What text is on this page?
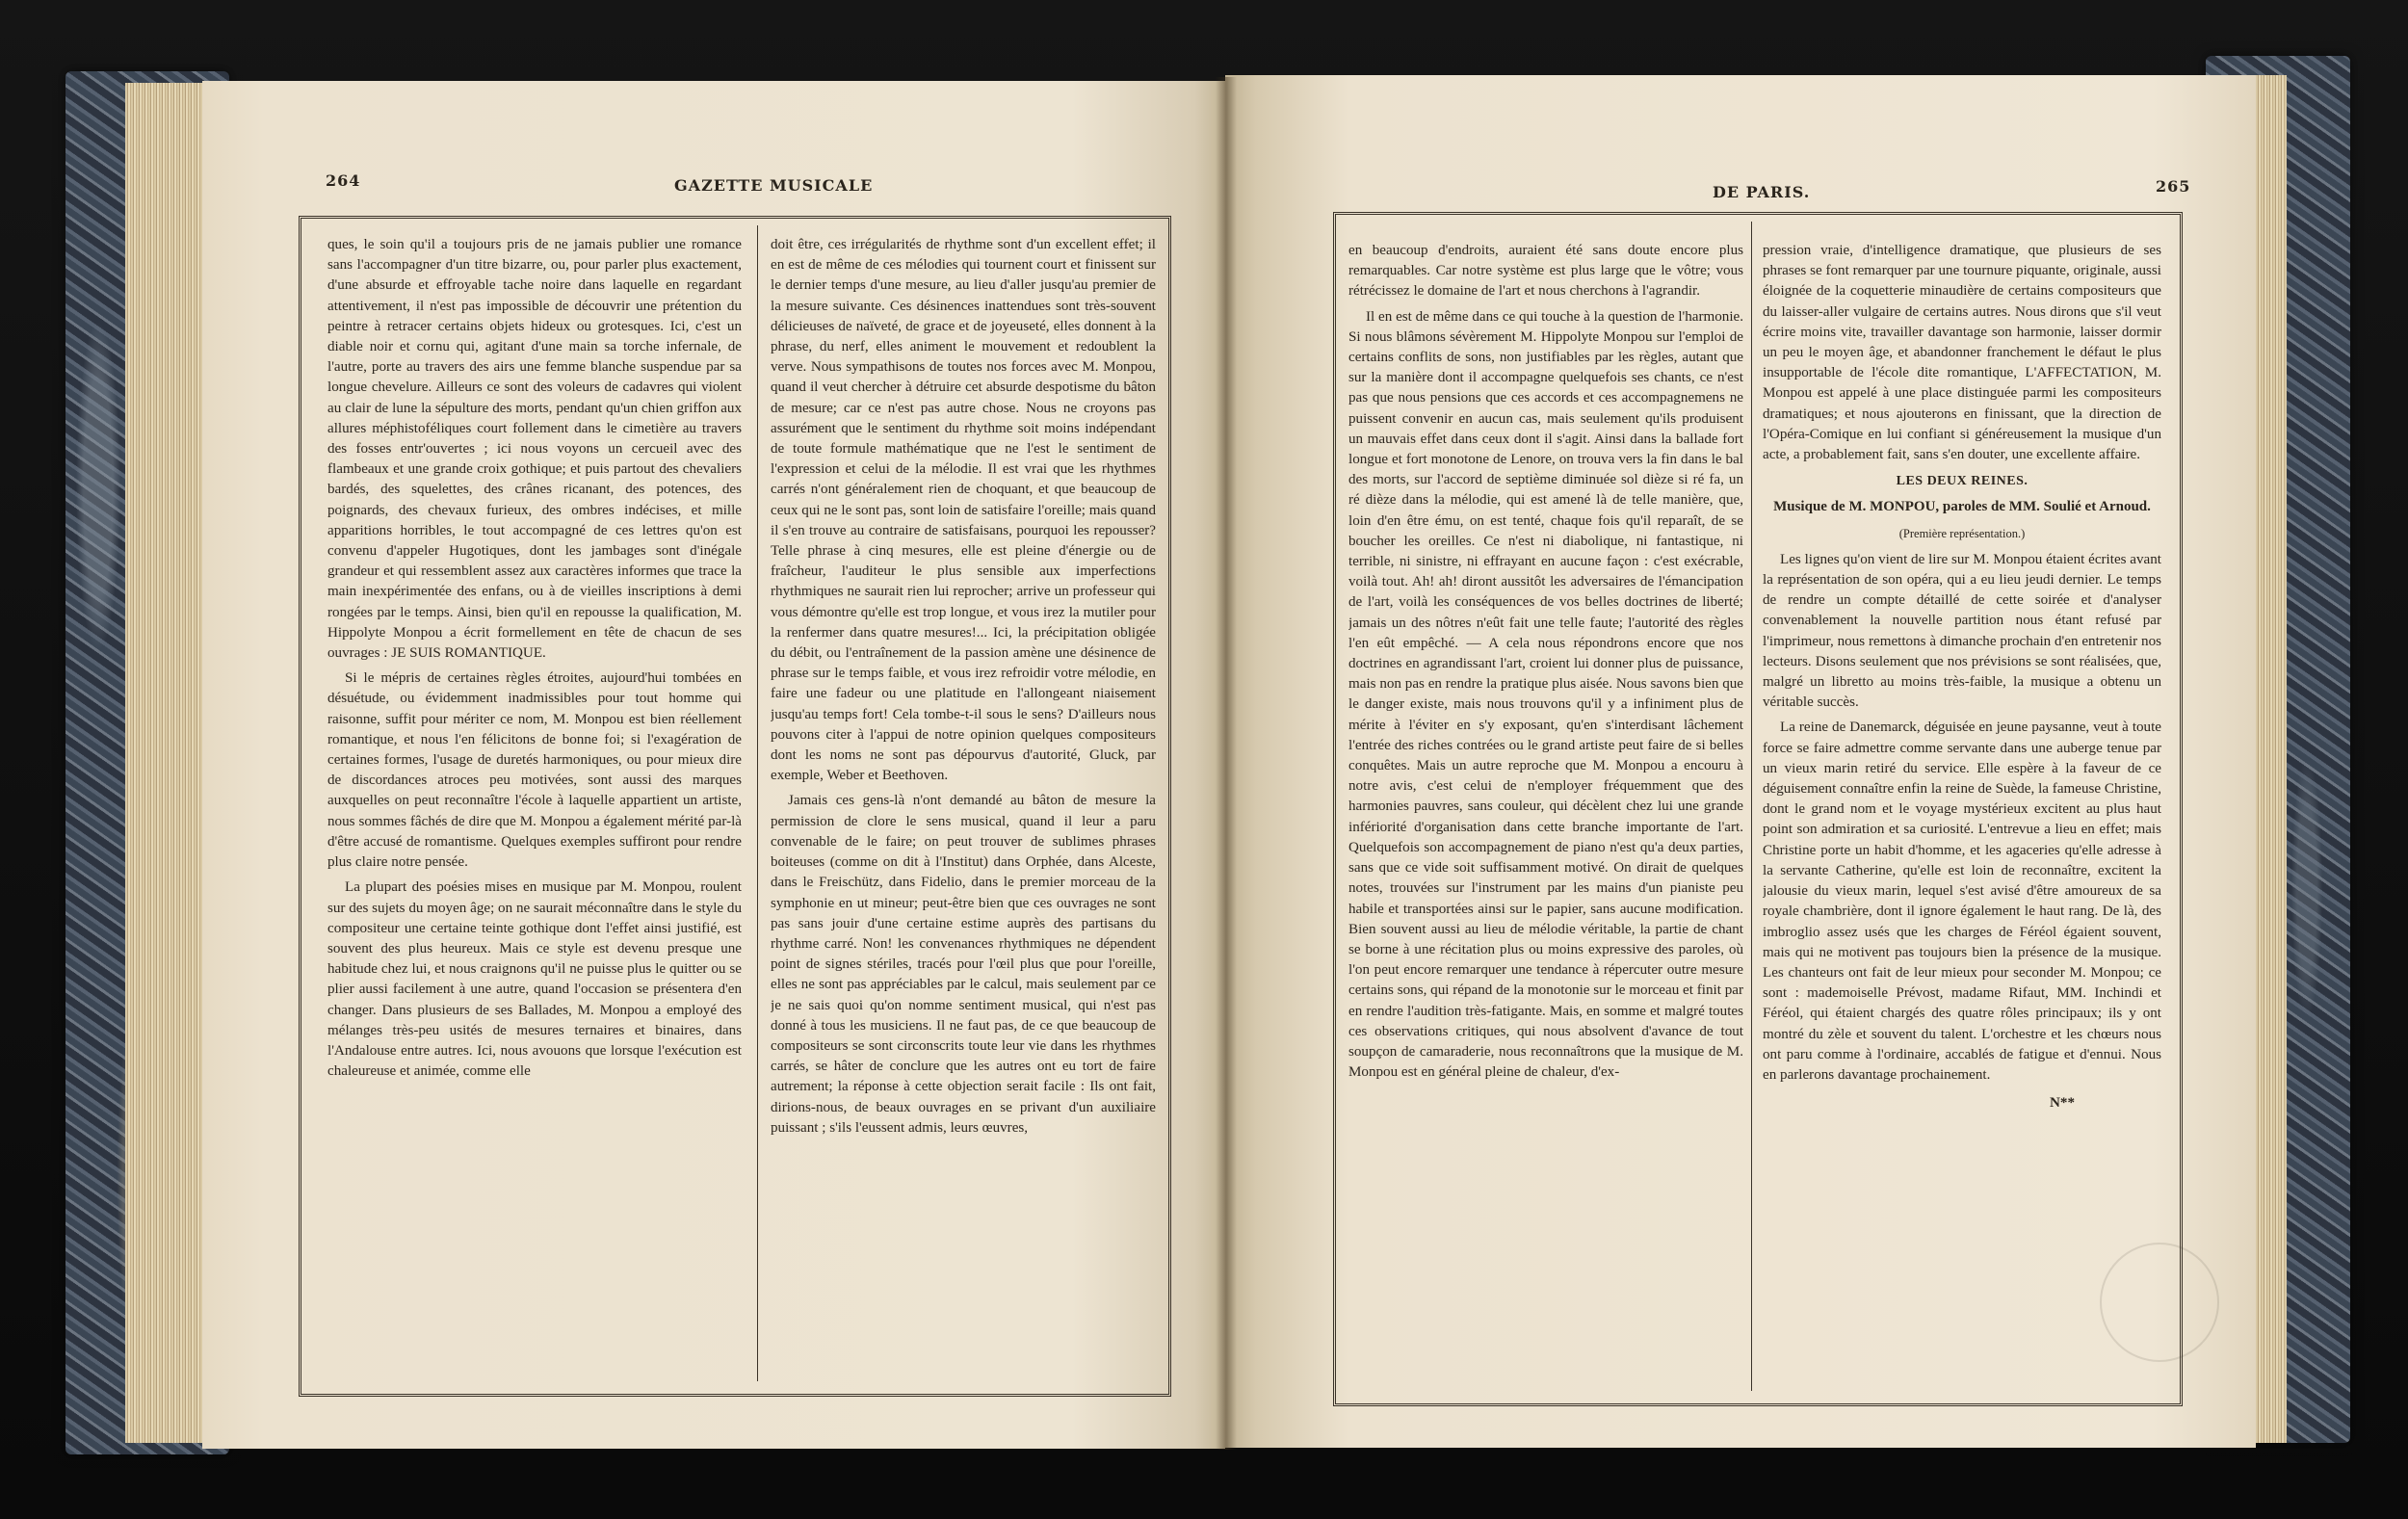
264	GAZETTE MUSICALE

ques, le soin qu'il a toujours pris de ne jamais publier une romance sans l'accompagner d'un titre bizarre, ou, pour parler plus exactement, d'une absurde et effroyable tache noire dans laquelle en regardant attentivement, il n'est pas impossible de découvrir une prétention du peintre à retracer certains objets hideux ou grotesques. Ici, c'est un diable noir et cornu qui, agitant d'une main sa torche infernale, de l'autre, porte au travers des airs une femme blanche suspendue par sa longue chevelure. Ailleurs ce sont des voleurs de cadavres qui violent au clair de lune la sépulture des morts, pendant qu'un chien griffon aux allures méphistoféliques court follement dans le cimetière au travers des fosses entr'ouvertes ; ici nous voyons un cercueil avec des flambeaux et une grande croix gothique; et puis partout des chevaliers bardés, des squelettes, des crânes ricanant, des potences, des poignards, des chevaux furieux, des ombres indécises, et mille apparitions horribles, le tout accompagné de ces lettres qu'on est convenu d'appeler Hugotiques, dont les jambages sont d'inégale grandeur et qui ressemblent assez aux caractères informes que trace la main inexpérimentée des enfans, ou à de vieilles inscriptions à demi rongées par le temps. Ainsi, bien qu'il en repousse la qualification, M. Hippolyte Monpou a écrit formellement en tête de chacun de ses ouvrages : JE SUIS ROMANTIQUE.

Si le mépris de certaines règles étroites, aujourd'hui tombées en désuétude, ou évidemment inadmissibles pour tout homme qui raisonne, suffit pour mériter ce nom, M. Monpou est bien réellement romantique, et nous l'en félicitons de bonne foi; si l'exagération de certaines formes, l'usage de duretés harmoniques, ou pour mieux dire de discordances atroces peu motivées, sont aussi des marques auxquelles on peut reconnaître l'école à laquelle appartient un artiste, nous sommes fâchés de dire que M. Monpou a également mérité par-là d'être accusé de romantisme. Quelques exemples suffiront pour rendre plus claire notre pensée.

La plupart des poésies mises en musique par M. Monpou, roulent sur des sujets du moyen âge; on ne saurait méconnaître dans le style du compositeur une certaine teinte gothique dont l'effet ainsi justifié, est souvent des plus heureux. Mais ce style est devenu presque une habitude chez lui, et nous craignons qu'il ne puisse plus le quitter ou se plier aussi facilement à une autre, quand l'occasion se présentera d'en changer. Dans plusieurs de ses Ballades, M. Monpou a employé des mélanges très-peu usités de mesures ternaires et binaires, dans l'Andalouse entre autres. Ici, nous avouons que lorsque l'exécution est chaleureuse et animée, comme elle

doit être, ces irrégularités de rhythme sont d'un excellent effet; il en est de même de ces mélodies qui tournent court et finissent sur le dernier temps d'une mesure, au lieu d'aller jusqu'au premier de la mesure suivante. Ces désinences inattendues sont très-souvent délicieuses de naïveté, de grace et de joyeuseté, elles donnent à la phrase, du nerf, elles animent le mouvement et redoublent la verve. Nous sympathisons de toutes nos forces avec M. Monpou, quand il veut chercher à détruire cet absurde despotisme du bâton de mesure; car ce n'est pas autre chose. Nous ne croyons pas assurément que le sentiment du rhythme soit moins indépendant de toute formule mathématique que ne l'est le sentiment de l'expression et celui de la mélodie. Il est vrai que les rhythmes carrés n'ont généralement rien de choquant, et que beaucoup de ceux qui ne le sont pas, sont loin de satisfaire l'oreille; mais quand il s'en trouve au contraire de satisfaisans, pourquoi les repousser? Telle phrase à cinq mesures, elle est pleine d'énergie ou de fraîcheur, l'auditeur le plus sensible aux imperfections rhythmiques ne saurait rien lui reprocher; arrive un professeur qui vous démontre qu'elle est trop longue, et vous irez la mutiler pour la renfermer dans quatre mesures!... Ici, la précipitation obligée du débit, ou l'entraînement de la passion amène une désinence de phrase sur le temps faible, et vous irez refroidir votre mélodie, en faire une fadeur ou une platitude en l'allongeant niaisement jusqu'au temps fort! Cela tombe-t-il sous le sens? D'ailleurs nous pouvons citer à l'appui de notre opinion quelques compositeurs dont les noms ne sont pas dépourvus d'autorité, Gluck, par exemple, Weber et Beethoven.

Jamais ces gens-là n'ont demandé au bâton de mesure la permission de clore le sens musical, quand il leur a paru convenable de le faire; on peut trouver de sublimes phrases boiteuses (comme on dit à l'Institut) dans Orphée, dans Alceste, dans le Freischütz, dans Fidelio, dans le premier morceau de la symphonie en ut mineur; peut-être bien que ces ouvrages ne sont pas sans jouir d'une certaine estime auprès des partisans du rhythme carré. Non! les convenances rhythmiques ne dépendent point de signes stériles, tracés pour l'œil plus que pour l'oreille, elles ne sont pas appréciables par le calcul, mais seulement par ce je ne sais quoi qu'on nomme sentiment musical, qui n'est pas donné à tous les musiciens. Il ne faut pas, de ce que beaucoup de compositeurs se sont circonscrits toute leur vie dans les rhythmes carrés, se hâter de conclure que les autres ont eu tort de faire autrement; la réponse à cette objection serait facile : Ils ont fait, dirions-nous, de beaux ouvrages en se privant d'un auxiliaire puissant ; s'ils l'eussent admis, leurs œuvres,

DE PARIS.	265

en beaucoup d'endroits, auraient été sans doute encore plus remarquables. Car notre système est plus large que le vôtre; vous rétrécissez le domaine de l'art et nous cherchons à l'agrandir.

Il en est de même dans ce qui touche à la question de l'harmonie. Si nous blâmons sévèrement M. Hippolyte Monpou sur l'emploi de certains conflits de sons, non justifiables par les règles, autant que sur la manière dont il accompagne quelquefois ses chants, ce n'est pas que nous pensions que ces accords et ces accompagnemens ne puissent convenir en aucun cas, mais seulement qu'ils produisent un mauvais effet dans ceux dont il s'agit. Ainsi dans la ballade fort longue et fort monotone de Lenore, on trouva vers la fin dans le bal des morts, sur l'accord de septième diminuée sol dièze si ré fa, un ré dièze dans la mélodie, qui est amené là de telle manière, que, loin d'en être ému, on est tenté, chaque fois qu'il reparaît, de se boucher les oreilles. Ce n'est ni diabolique, ni fantastique, ni terrible, ni sinistre, ni effrayant en aucune façon : c'est exécrable, voilà tout. Ah! ah! diront aussitôt les adversaires de l'émancipation de l'art, voilà les conséquences de vos belles doctrines de liberté; jamais un des nôtres n'eût fait une telle faute; l'autorité des règles l'en eût empêché. — A cela nous répondrons encore que nos doctrines en agrandissant l'art, croient lui donner plus de puissance, mais non pas en rendre la pratique plus aisée. Nous savons bien que le danger existe, mais nous trouvons qu'il y a infiniment plus de mérite à l'éviter en s'y exposant, qu'en s'interdisant lâchement l'entrée des riches contrées ou le grand artiste peut faire de si belles conquêtes. Mais un autre reproche que M. Monpou a encouru à notre avis, c'est celui de n'employer fréquemment que des harmonies pauvres, sans couleur, qui décèlent chez lui une grande infériorité d'organisation dans cette branche importante de l'art. Quelquefois son accompagnement de piano n'est qu'a deux parties, sans que ce vide soit suffisamment motivé. On dirait de quelques notes, trouvées sur l'instrument par les mains d'un pianiste peu habile et transportées ainsi sur le papier, sans aucune modification. Bien souvent aussi au lieu de mélodie véritable, la partie de chant se borne à une récitation plus ou moins expressive des paroles, où l'on peut encore remarquer une tendance à répercuter outre mesure certains sons, qui répand de la monotonie sur le morceau et finit par en rendre l'audition très-fatigante. Mais, en somme et malgré toutes ces observations critiques, qui nous absolvent d'avance de tout soupçon de camaraderie, nous reconnaîtrons que la musique de M. Monpou est en général pleine de chaleur, d'ex-

pression vraie, d'intelligence dramatique, que plusieurs de ses phrases se font remarquer par une tournure piquante, originale, aussi éloignée de la coquetterie minaudière de certains compositeurs que du laisser-aller vulgaire de certains autres. Nous dirons que s'il veut écrire moins vite, travailler davantage son harmonie, laisser dormir un peu le moyen âge, et abandonner franchement le défaut le plus insupportable de l'école dite romantique, L'AFFECTATION, M. Monpou est appelé à une place distinguée parmi les compositeurs dramatiques; et nous ajouterons en finissant, que la direction de l'Opéra-Comique en lui confiant si généreusement la musique d'un acte, a probablement fait, sans s'en douter, une excellente affaire.

LES DEUX REINES.

Musique de M. MONPOU, paroles de MM. Soulié et Arnoud.

(Première représentation.)

Les lignes qu'on vient de lire sur M. Monpou étaient écrites avant la représentation de son opéra, qui a eu lieu jeudi dernier. Le temps de rendre un compte détaillé de cette soirée et d'analyser convenablement la nouvelle partition nous étant refusé par l'imprimeur, nous remettons à dimanche prochain d'en entretenir nos lecteurs. Disons seulement que nos prévisions se sont réalisées, que, malgré un libretto au moins très-faible, la musique a obtenu un véritable succès.

La reine de Danemarck, déguisée en jeune paysanne, veut à toute force se faire admettre comme servante dans une auberge tenue par un vieux marin retiré du service. Elle espère à la faveur de ce déguisement connaître enfin la reine de Suède, la fameuse Christine, dont le grand nom et le voyage mystérieux excitent au plus haut point son admiration et sa curiosité. L'entrevue a lieu en effet; mais Christine porte un habit d'homme, et les agaceries qu'elle adresse à la servante Catherine, qu'elle est loin de reconnaître, excitent la jalousie du vieux marin, lequel s'est avisé d'être amoureux de sa royale chambrière, dont il ignore également le haut rang. De là, des imbroglio assez usés que les charges de Féréol égaient souvent, mais qui ne motivent pas toujours bien la présence de la musique. Les chanteurs ont fait de leur mieux pour seconder M. Monpou; ce sont : mademoiselle Prévost, madame Rifaut, MM. Inchindi et Féréol, qui étaient chargés des quatre rôles principaux; ils y ont montré du zèle et souvent du talent. L'orchestre et les chœurs nous ont paru comme à l'ordinaire, accablés de fatigue et d'ennui. Nous en parlerons davantage prochainement.

N**
